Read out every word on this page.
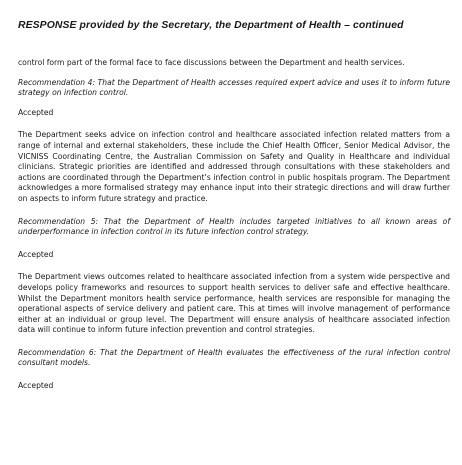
RESPONSE provided by the Secretary, the Department of Health – continued

control form part of the formal face to face discussions between the Department and health services.

Recommendation 4: That the Department of Health accesses required expert advice and uses it to inform future strategy on infection control.

Accepted

The Department seeks advice on infection control and healthcare associated infection related matters from a range of internal and external stakeholders, these include the Chief Health Officer, Senior Medical Advisor, the VICNISS Coordinating Centre, the Australian Commission on Safety and Quality in Healthcare and individual clinicians. Strategic priorities are identified and addressed through consultations with these stakeholders and actions are coordinated through the Department’s infection control in public hospitals program. The Department acknowledges a more formalised strategy may enhance input into their strategic directions and will draw further on aspects to inform future strategy and practice.

Recommendation 5: That the Department of Health includes targeted initiatives to all known areas of underperformance in infection control in its future infection control strategy.

Accepted

The Department views outcomes related to healthcare associated infection from a system wide perspective and develops policy frameworks and resources to support health services to deliver safe and effective healthcare. Whilst the Department monitors health service performance, health services are responsible for managing the operational aspects of service delivery and patient care. This at times will involve management of performance either at an individual or group level. The Department will ensure analysis of healthcare associated infection data will continue to inform future infection prevention and control strategies.

Recommendation 6: That the Department of Health evaluates the effectiveness of the rural infection control consultant models.

Accepted
